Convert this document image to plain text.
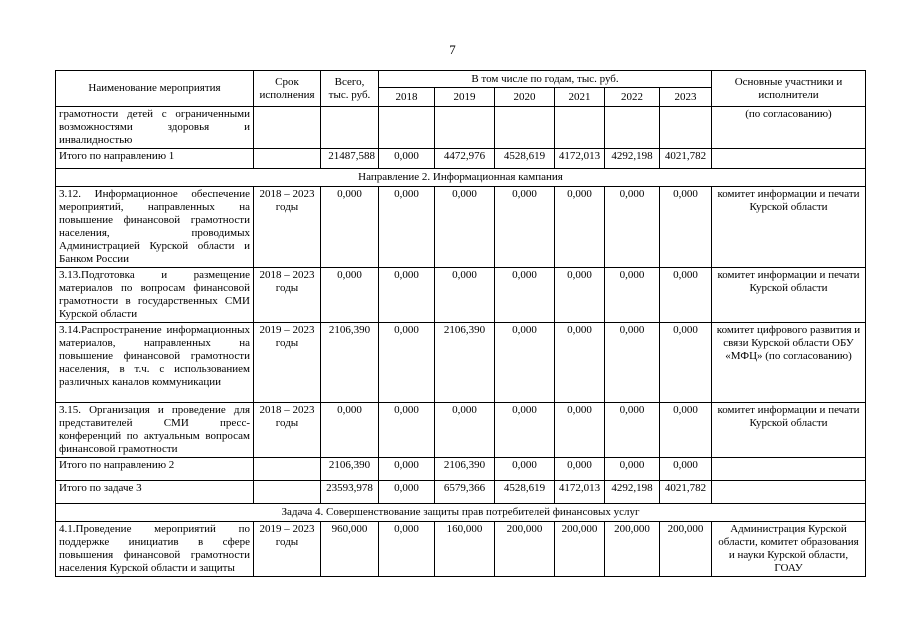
7
Наименование мероприятия	Срок исполнения	Всего, тыс. руб.	В том числе по годам, тыс. руб.						Основные участники и исполнители
			2018	2019	2020	2021	2022	2023	
грамотности детей с ограниченными возможностями здоровья и инвалидностью									(по согласованию)
Итого по направлению 1		21487,588	0,000	4472,976	4528,619	4172,013	4292,198	4021,782	
Направление 2. Информационная кампания									
3.12. Информационное обеспечение мероприятий, направленных на повышение финансовой грамотности населения, проводимых Администрацией Курской области и Банком России	2018 – 2023 годы	0,000	0,000	0,000	0,000	0,000	0,000	0,000	комитет информации и печати Курской области
3.13.Подготовка и размещение материалов по вопросам финансовой грамотности в государственных СМИ Курской области	2018 – 2023 годы	0,000	0,000	0,000	0,000	0,000	0,000	0,000	комитет информации и печати Курской области
3.14.Распространение информационных материалов, направленных на повышение финансовой грамотности населения, в т.ч. с использованием различных каналов коммуникации	2019 – 2023 годы	2106,390	0,000	2106,390	0,000	0,000	0,000	0,000	комитет цифрового развития и связи Курской области ОБУ «МФЦ» (по согласованию)
3.15. Организация и проведение для представителей СМИ пресс-конференций по актуальным вопросам финансовой грамотности	2018 – 2023 годы	0,000	0,000	0,000	0,000	0,000	0,000	0,000	комитет информации и печати Курской области
Итого по направлению 2		2106,390	0,000	2106,390	0,000	0,000	0,000	0,000	
Итого по задаче 3		23593,978	0,000	6579,366	4528,619	4172,013	4292,198	4021,782	
Задача 4. Совершенствование защиты прав потребителей финансовых услуг									
4.1.Проведение мероприятий по поддержке инициатив в сфере повышения финансовой грамотности населения Курской области и защиты	2019 – 2023 годы	960,000	0,000	160,000	200,000	200,000	200,000	200,000	Администрация Курской области, комитет образования и науки Курской области, ГОАУ
